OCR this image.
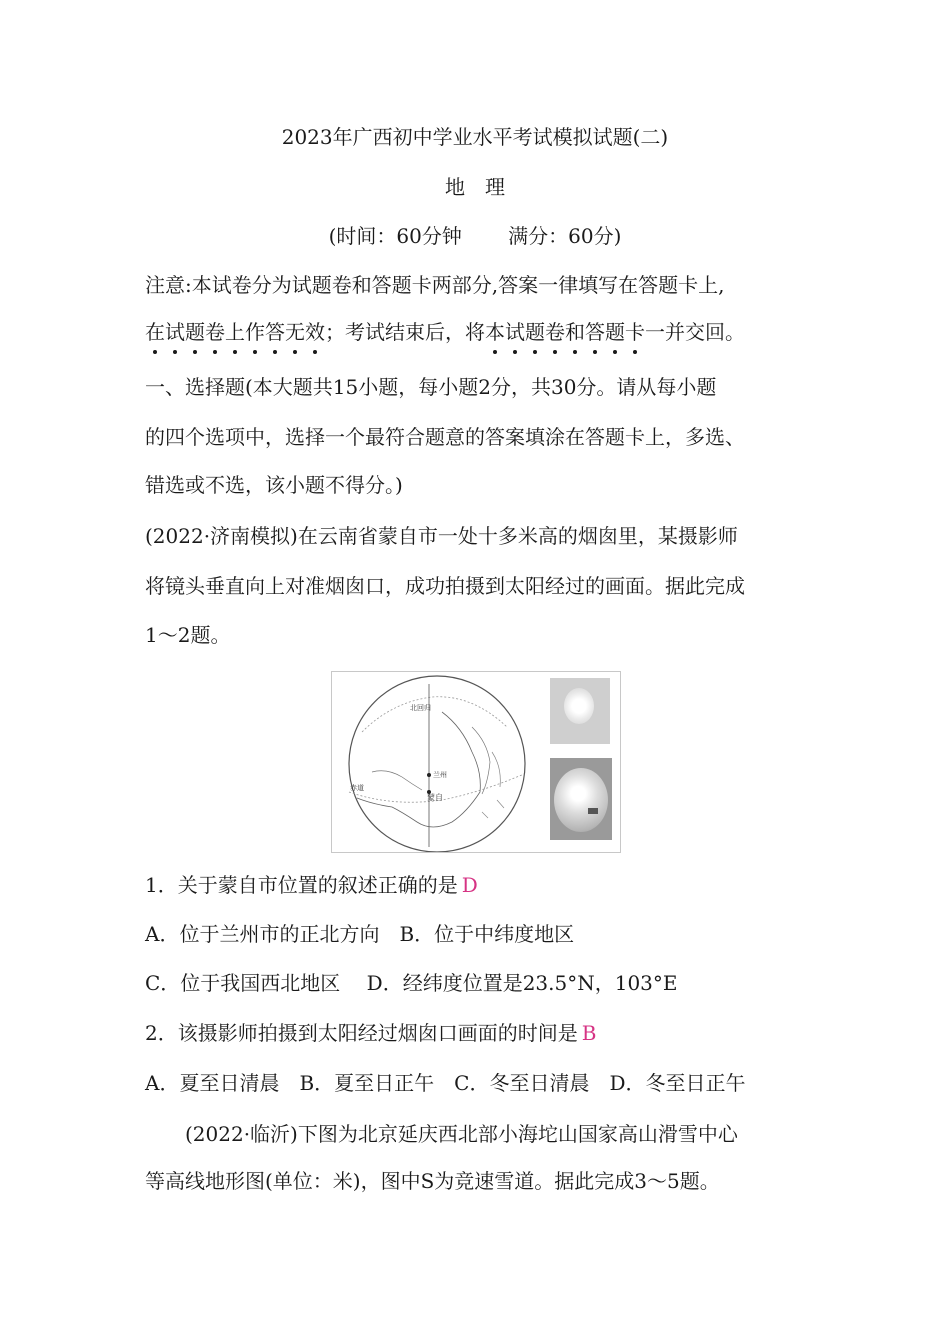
2023年广西初中学业水平考试模拟试题(二)
地　理
(时间：60分钟　　 满分：60分)
注意:本试卷分为试题卷和答题卡两部分,答案一律填写在答题卡上,
在试题卷上作答无效；考试结束后，将本试题卷和答题卡一并交回。
一、选择题(本大题共15小题，每小题2分，共30分。请从每小题
的四个选项中，选择一个最符合题意的答案填涂在答题卡上，多选、
错选或不选，该小题不得分。)
(2022·济南模拟)在云南省蒙自市一处十多米高的烟囱里，某摄影师
将镜头垂直向上对准烟囱口，成功拍摄到太阳经过的画面。据此完成
1～2题。
北回归
兰州
蒙自
赤道
1．关于蒙自市位置的叙述正确的是 D
A．位于兰州市的正北方向　B．位于中纬度地区
C．位于我国西北地区　 D．经纬度位置是23.5°N，103°E
2．该摄影师拍摄到太阳经过烟囱口画面的时间是 B
A．夏至日清晨　B．夏至日正午　C．冬至日清晨　D．冬至日正午
(2022·临沂)下图为北京延庆西北部小海坨山国家高山滑雪中心
等高线地形图(单位：米)，图中S为竞速雪道。据此完成3～5题。
